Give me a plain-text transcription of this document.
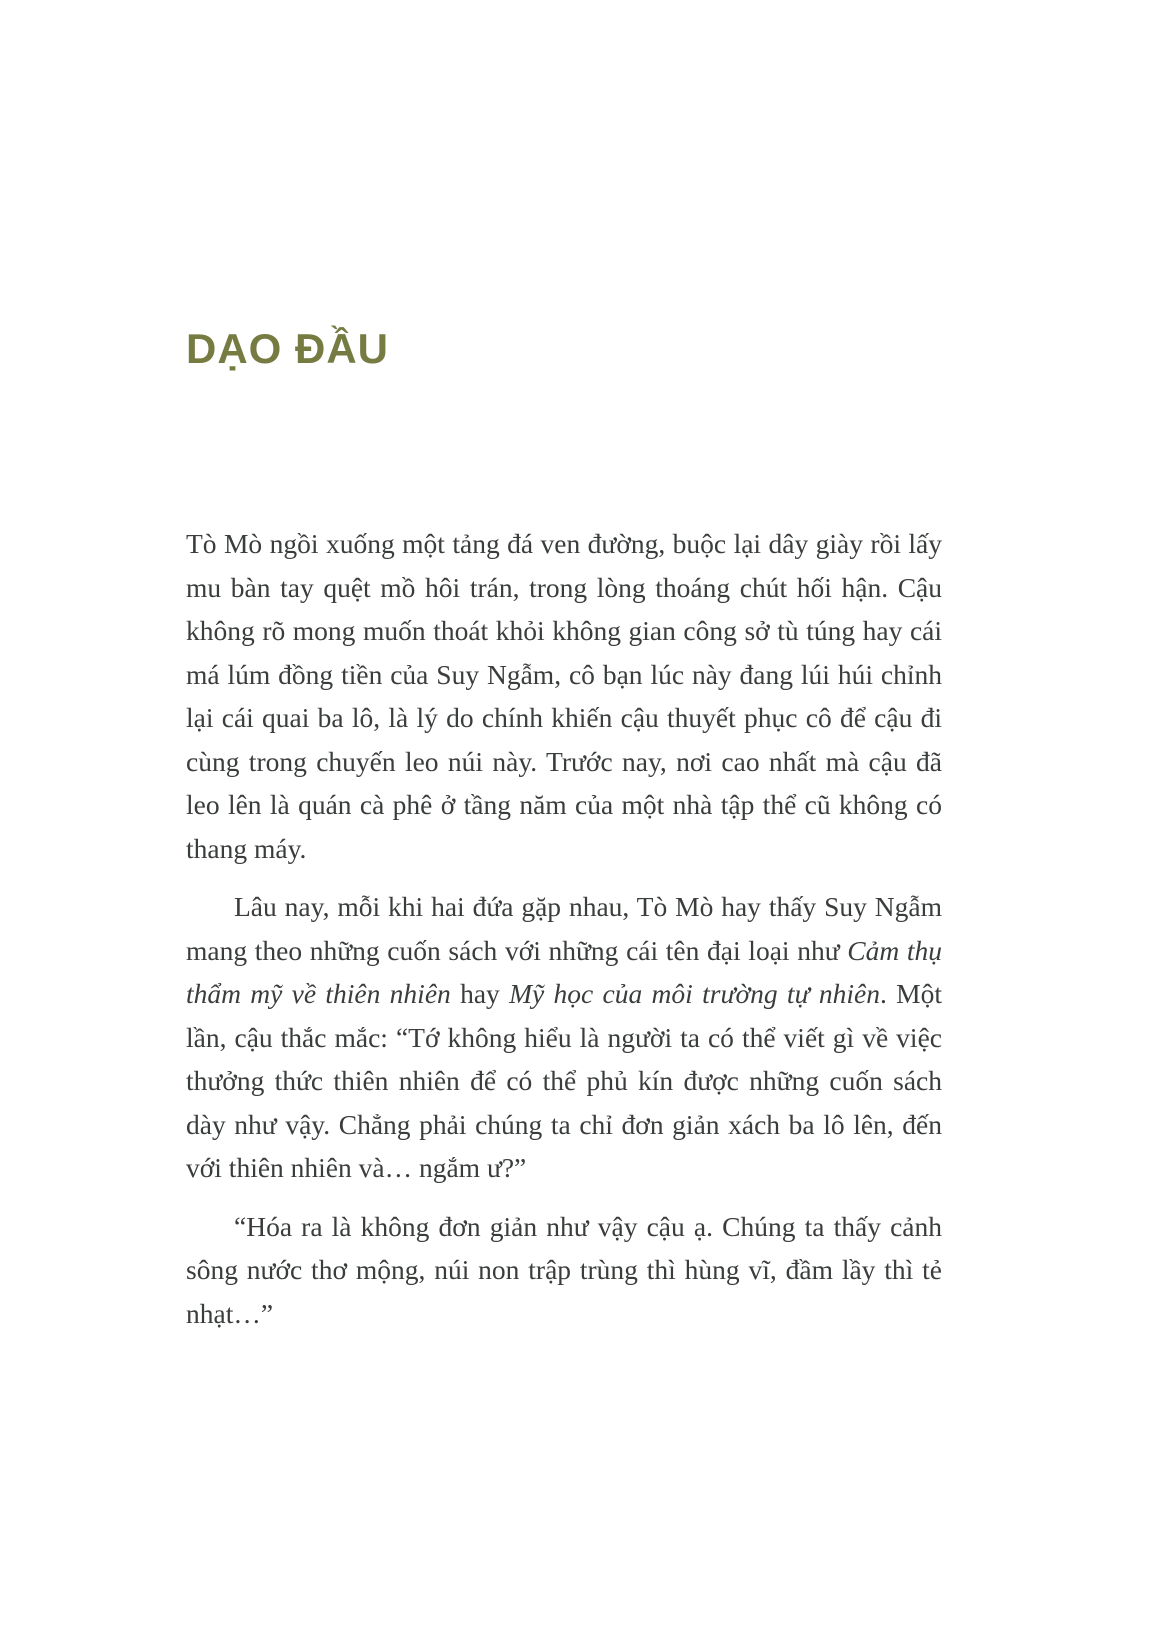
DẠO ĐẦU

Tò Mò ngồi xuống một tảng đá ven đường, buộc lại dây giày rồi lấy mu bàn tay quệt mồ hôi trán, trong lòng thoáng chút hối hận. Cậu không rõ mong muốn thoát khỏi không gian công sở tù túng hay cái má lúm đồng tiền của Suy Ngẫm, cô bạn lúc này đang lúi húi chỉnh lại cái quai ba lô, là lý do chính khiến cậu thuyết phục cô để cậu đi cùng trong chuyến leo núi này. Trước nay, nơi cao nhất mà cậu đã leo lên là quán cà phê ở tầng năm của một nhà tập thể cũ không có thang máy.

Lâu nay, mỗi khi hai đứa gặp nhau, Tò Mò hay thấy Suy Ngẫm mang theo những cuốn sách với những cái tên đại loại như Cảm thụ thẩm mỹ về thiên nhiên hay Mỹ học của môi trường tự nhiên. Một lần, cậu thắc mắc: “Tớ không hiểu là người ta có thể viết gì về việc thưởng thức thiên nhiên để có thể phủ kín được những cuốn sách dày như vậy. Chẳng phải chúng ta chỉ đơn giản xách ba lô lên, đến với thiên nhiên và… ngắm ư?”

“Hóa ra là không đơn giản như vậy cậu ạ. Chúng ta thấy cảnh sông nước thơ mộng, núi non trập trùng thì hùng vĩ, đầm lầy thì tẻ nhạt…”
